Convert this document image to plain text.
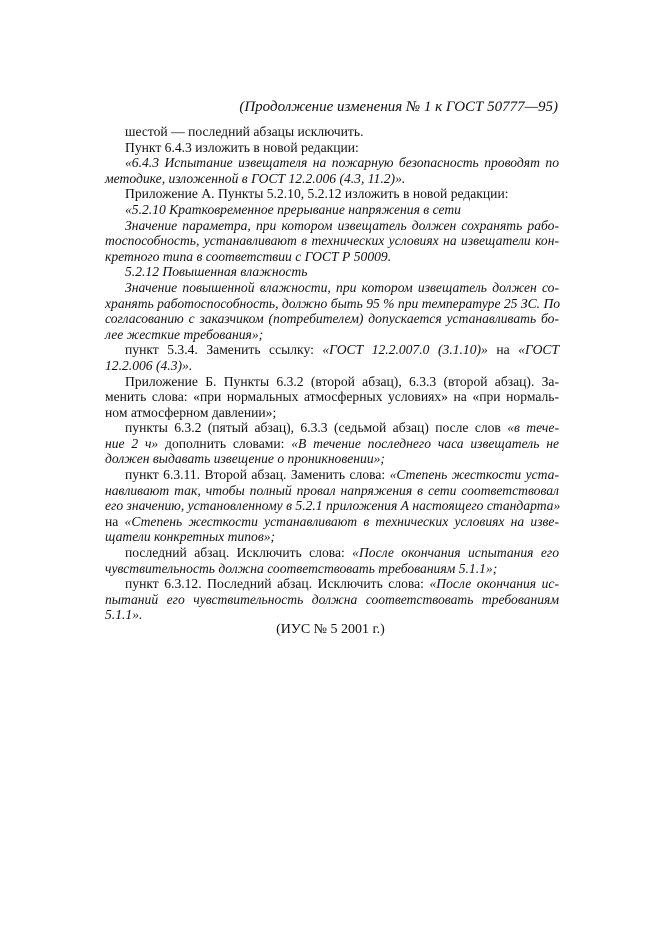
(Продолжение изменения № 1 к ГОСТ 50777—95)
шестой — последний абзацы исключить.
Пункт 6.4.3 изложить в новой редакции:
«6.4.3 Испытание извещателя на пожарную безопасность проводят по
методике, изложенной в ГОСТ 12.2.006 (4.3, 11.2)».
Приложение А. Пункты 5.2.10, 5.2.12 изложить в новой редакции:
«5.2.10 Кратковременное прерывание напряжения в сети
Значение параметра, при котором извещатель должен сохранять рабо-
тоспособность, устанавливают в технических условиях на извещатели кон-
кретного типа в соответствии с ГОСТ Р 50009.
5.2.12 Повышенная влажность
Значение повышенной влажности, при котором извещатель должен со-
хранять работоспособность, должно быть 95 % при температуре 25 ЗС. По
согласованию с заказчиком (потребителем) допускается устанавливать бо-
лее жесткие требования»;
пункт 5.3.4. Заменить ссылку: «ГОСТ 12.2.007.0 (3.1.10)» на «ГОСТ
12.2.006 (4.3)».
Приложение Б. Пункты 6.3.2 (второй абзац), 6.3.3 (второй абзац). За-
менить слова: «при нормальных атмосферных условиях» на «при нормаль-
ном атмосферном давлении»;
пункты 6.3.2 (пятый абзац), 6.3.3 (седьмой абзац) после слов «в тече-
ние 2 ч» дополнить словами: «В течение последнего часа извещатель не
должен выдавать извещение о проникновении»;
пункт 6.3.11. Второй абзац. Заменить слова: «Степень жесткости уста-
навливают так, чтобы полный провал напряжения в сети соответствовал
его значению, установленному в 5.2.1 приложения А настоящего стандарта»
на «Степень жесткости устанавливают в технических условиях на изве-
щатели конкретных типов»;
последний абзац. Исключить слова: «После окончания испытания его
чувствительность должна соответствовать требованиям 5.1.1»;
пункт 6.3.12. Последний абзац. Исключить слова: «После окончания ис-
пытаний его чувствительность должна соответствовать требованиям
5.1.1».
(ИУС № 5 2001 г.)
